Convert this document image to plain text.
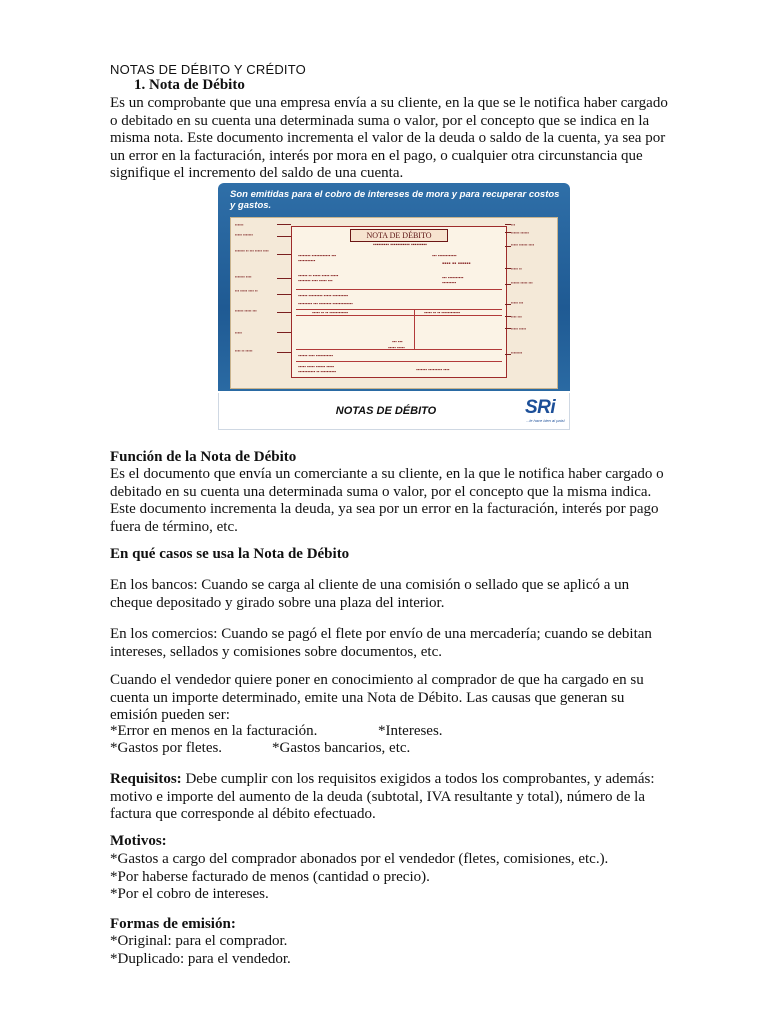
NOTAS DE DÉBITO Y CRÉDITO

1. Nota de Débito

Es un comprobante que una empresa envía a su cliente, en la que se le notifica haber cargado o debitado en su cuenta una determinada suma o valor, por el concepto que se indica en la misma nota. Este documento incrementa el valor de la deuda o saldo de la cuenta, ya sea por un error en la facturación, interés por mora en el pago, o cualquier otra circunstancia que signifique el incremento del saldo de una cuenta.

Son emitidas para el cobro de intereses de mora y para recuperar costos y gastos.
▪▪▪▪▪▪
▪▪▪▪▪ ▪▪▪▪▪▪▪
▪▪▪▪▪▪▪ ▪▪ ▪▪▪ ▪▪▪▪▪ ▪▪▪▪
▪▪▪▪▪▪▪ ▪▪▪▪
▪▪▪ ▪▪▪▪▪ ▪▪▪▪ ▪▪
▪▪▪▪▪▪ ▪▪▪▪▪ ▪▪▪
▪▪▪▪▪
▪▪▪▪ ▪▪ ▪▪▪▪▪
▪▪▪
▪▪▪▪▪▪ ▪▪▪▪▪▪
▪▪▪▪▪ ▪▪▪▪▪▪ ▪▪▪▪
▪▪▪▪▪ ▪▪
▪▪▪▪▪▪ ▪▪▪▪▪ ▪▪▪
▪▪▪▪▪ ▪▪▪
▪▪▪▪ ▪▪▪
▪▪▪▪▪ ▪▪▪▪▪
▪▪▪▪▪▪▪▪
NOTA DE DÉBITO
▪▪▪▪▪▪▪▪▪ ▪▪▪▪▪▪▪▪▪▪▪ ▪▪▪▪▪▪▪▪▪
▪▪▪▪▪▪▪▪ ▪▪▪▪▪▪▪▪▪▪▪▪ ▪▪▪
▪▪▪▪▪▪▪▪▪▪▪
▪▪▪ ▪▪▪▪▪▪▪▪▪▪▪▪
▪▪▪▪ ▪▪ ▪▪▪▪▪▪
▪▪▪▪▪▪ ▪▪ ▪▪▪▪▪ ▪▪▪▪▪ ▪▪▪▪▪
▪▪▪▪▪▪▪▪ ▪▪▪▪ ▪▪▪▪▪ ▪▪▪
▪▪▪ ▪▪▪▪▪▪▪▪▪▪
▪▪▪▪▪▪▪▪▪
▪▪▪▪▪▪ ▪▪▪▪▪▪▪▪▪ ▪▪▪▪▪ ▪▪▪▪▪▪▪▪▪▪
▪▪▪▪▪▪▪▪▪ ▪▪▪ ▪▪▪▪▪▪▪▪ ▪▪▪▪▪▪▪▪▪▪▪▪▪
▪▪▪▪▪ ▪▪ ▪▪ ▪▪▪▪▪▪▪▪▪▪▪▪	▪▪▪▪▪ ▪▪ ▪▪ ▪▪▪▪▪▪▪▪▪▪▪▪
▪▪▪ ▪▪▪
▪▪▪▪▪ ▪▪▪▪▪
▪▪▪▪▪▪ ▪▪▪▪ ▪▪▪▪▪▪▪▪▪▪▪
▪▪▪▪▪ ▪▪▪▪▪ ▪▪▪▪▪▪ ▪▪▪▪▪
▪▪▪▪▪▪▪▪▪▪▪ ▪▪ ▪▪▪▪▪▪▪▪▪▪	▪▪▪▪▪▪▪ ▪▪▪▪▪▪▪▪▪ ▪▪▪▪
NOTAS DE DÉBITO	SRi
...le hace bien al país!

Función de la Nota de Débito

Es el documento que envía un comerciante a su cliente, en la que le notifica haber cargado o debitado en su cuenta una determinada suma o valor, por el concepto que la misma indica. Este documento incrementa la deuda, ya sea por un error en la facturación, interés por pago fuera de término, etc.

En qué casos se usa la Nota de Débito

En los bancos: Cuando se carga al cliente de una comisión o sellado que se aplicó a un cheque depositado y girado sobre una plaza del interior.

En los comercios: Cuando se pagó el flete por envío de una mercadería; cuando se debitan intereses, sellados y comisiones sobre documentos, etc.

Cuando el vendedor quiere poner en conocimiento al comprador de que ha cargado en su cuenta un importe determinado, emite una Nota de Débito. Las causas que generan su emisión pueden ser:

*Error en menos en la facturación.	*Intereses.
*Gastos por fletes.	*Gastos bancarios, etc.

Requisitos: Debe cumplir con los requisitos exigidos a todos los comprobantes, y además: motivo e importe del aumento de la deuda (subtotal, IVA resultante y total), número de la factura que corresponde al débito efectuado.

Motivos:

*Gastos a cargo del comprador abonados por el vendedor (fletes, comisiones, etc.).
*Por haberse facturado de menos (cantidad o precio).
*Por el cobro de intereses.

Formas de emisión:

*Original: para el comprador.
*Duplicado: para el vendedor.
